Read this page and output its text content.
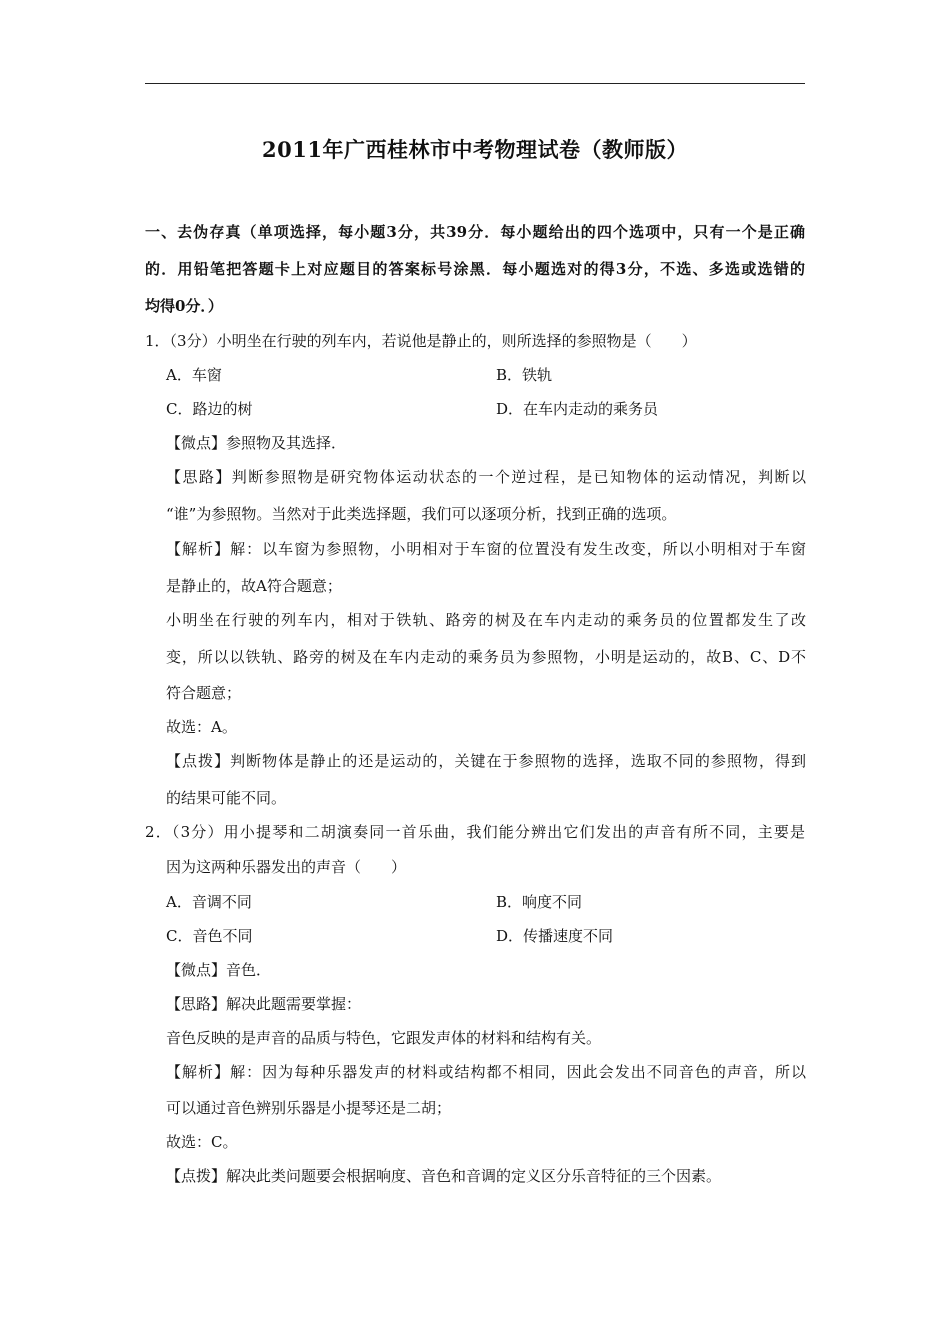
2011年广西桂林市中考物理试卷（教师版）
一、去伪存真（单项选择，每小题3分，共39分．每小题给出的四个选项中，只有一个是正确
的．用铅笔把答题卡上对应题目的答案标号涂黑．每小题选对的得3分，不选、多选或选错的
均得0分．）
1．（3分）小明坐在行驶的列车内，若说他是静止的，则所选择的参照物是（　　）
A．车窗	B．铁轨
C．路边的树	D．在车内走动的乘务员
【微点】参照物及其选择．
【思路】判断参照物是研究物体运动状态的一个逆过程，是已知物体的运动情况，判断以
“谁”为参照物。当然对于此类选择题，我们可以逐项分析，找到正确的选项。
【解析】解：以车窗为参照物，小明相对于车窗的位置没有发生改变，所以小明相对于车窗
是静止的，故A符合题意；
小明坐在行驶的列车内，相对于铁轨、路旁的树及在车内走动的乘务员的位置都发生了改
变，所以以铁轨、路旁的树及在车内走动的乘务员为参照物，小明是运动的，故B、C、D不
符合题意；
故选：A。
【点拨】判断物体是静止的还是运动的，关键在于参照物的选择，选取不同的参照物，得到
的结果可能不同。
2．（3分）用小提琴和二胡演奏同一首乐曲，我们能分辨出它们发出的声音有所不同，主要是
因为这两种乐器发出的声音（　　）
A．音调不同	B．响度不同
C．音色不同	D．传播速度不同
【微点】音色．
【思路】解决此题需要掌握：
音色反映的是声音的品质与特色，它跟发声体的材料和结构有关。
【解析】解：因为每种乐器发声的材料或结构都不相同，因此会发出不同音色的声音，所以
可以通过音色辨别乐器是小提琴还是二胡；
故选：C。
【点拨】解决此类问题要会根据响度、音色和音调的定义区分乐音特征的三个因素。
